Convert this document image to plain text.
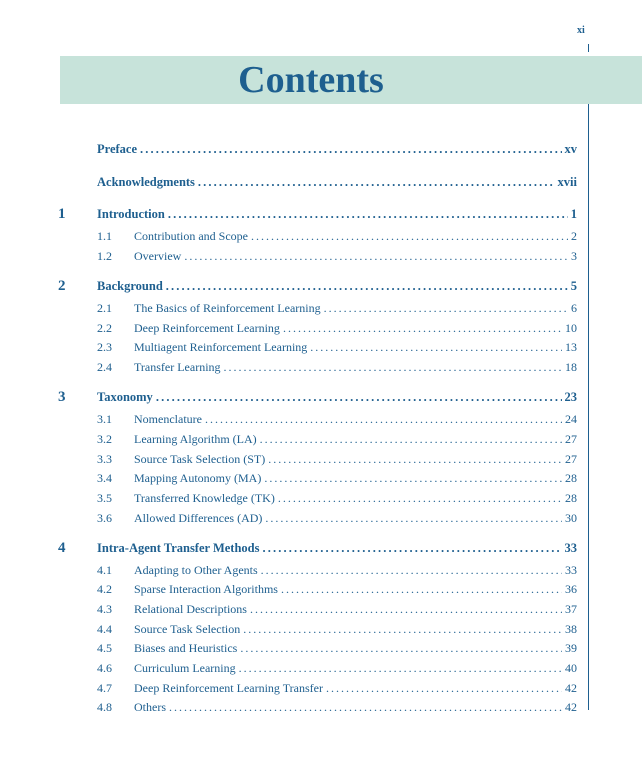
xi
Contents
Preface . . .	xv
Acknowledgments . . .	xvii
1	Introduction . . .	1
1.1	Contribution and Scope . . .	2
1.2	Overview . . .	3
2	Background . . .	5
2.1	The Basics of Reinforcement Learning . . .	6
2.2	Deep Reinforcement Learning . . .	10
2.3	Multiagent Reinforcement Learning . . .	13
2.4	Transfer Learning . . .	18
3	Taxonomy . . .	23
3.1	Nomenclature . . .	24
3.2	Learning Algorithm (LA) . . .	27
3.3	Source Task Selection (ST) . . .	27
3.4	Mapping Autonomy (MA) . . .	28
3.5	Transferred Knowledge (TK) . . .	28
3.6	Allowed Differences (AD) . . .	30
4	Intra-Agent Transfer Methods . . .	33
4.1	Adapting to Other Agents . . .	33
4.2	Sparse Interaction Algorithms . . .	36
4.3	Relational Descriptions . . .	37
4.4	Source Task Selection . . .	38
4.5	Biases and Heuristics . . .	39
4.6	Curriculum Learning . . .	40
4.7	Deep Reinforcement Learning Transfer . . .	42
4.8	Others . . .	42
